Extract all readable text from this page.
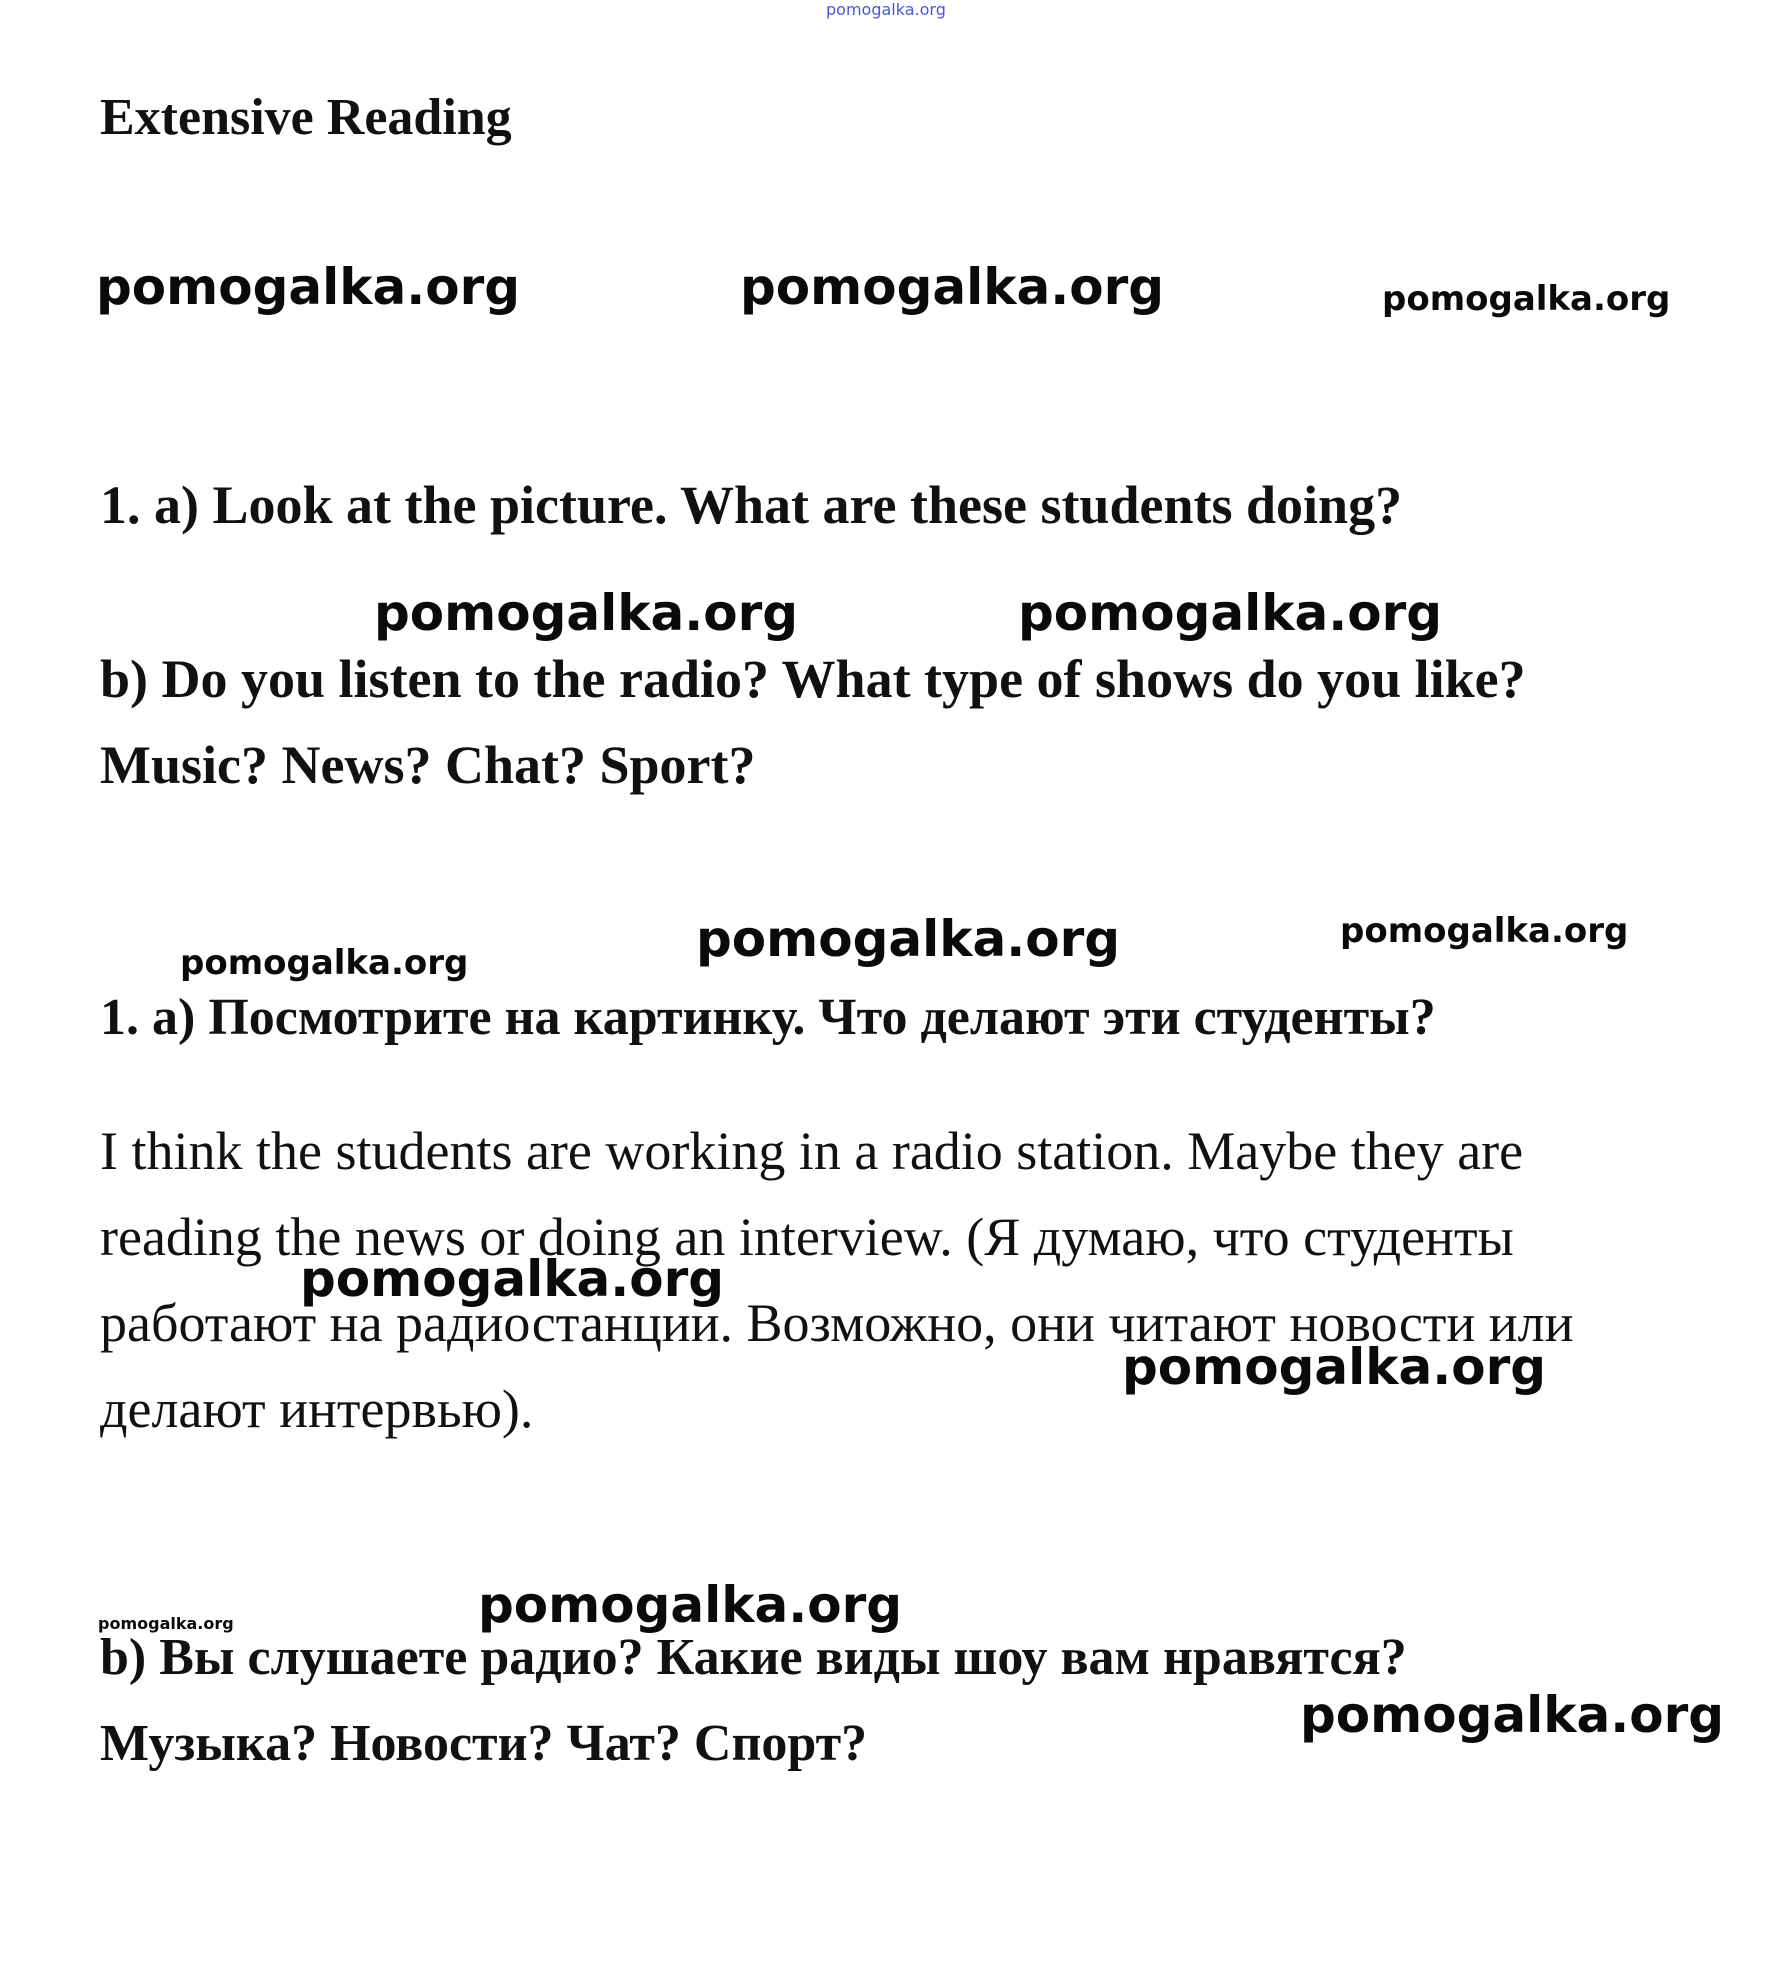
pomogalka.org
Extensive Reading
pomogalka.org	pomogalka.org	pomogalka.org
1. a) Look at the picture. What are these students doing?
pomogalka.org	pomogalka.org
b) Do you listen to the radio? What type of shows do you like?
Music? News? Chat? Sport?
pomogalka.org	pomogalka.org	pomogalka.org
1. а) Посмотрите на картинку. Что делают эти студенты?
I think the students are working in a radio station. Maybe they are
reading the news or doing an interview. (Я думаю, что студенты
работают на радиостанции. Возможно, они читают новости или
делают интервью).
pomogalka.org
pomogalka.org
pomogalka.org	pomogalka.org
b) Вы слушаете радио? Какие виды шоу вам нравятся?
Музыка? Новости? Чат? Спорт?	pomogalka.org
